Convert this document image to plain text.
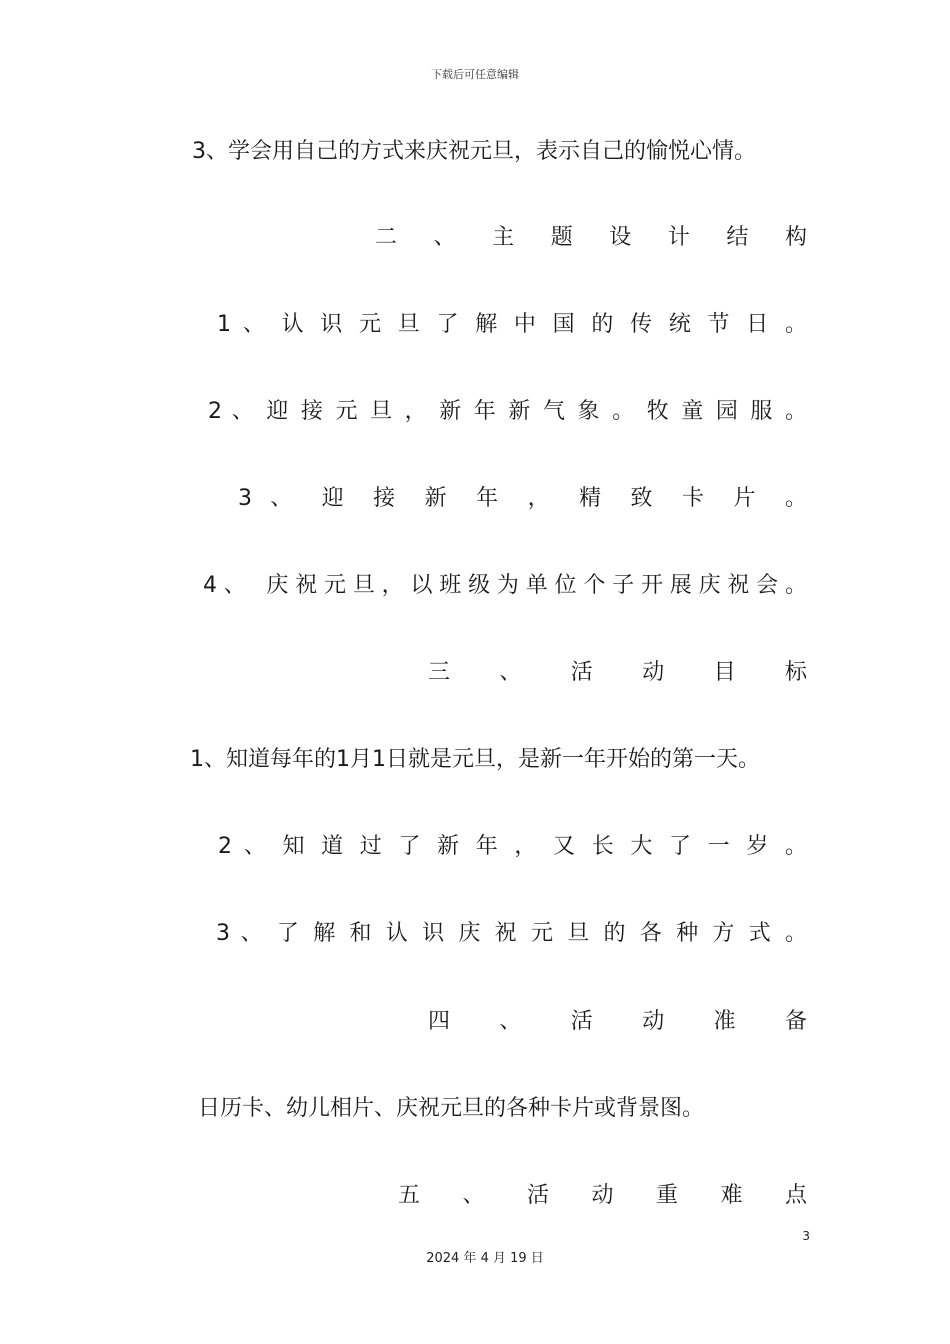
下载后可任意编辑
3、学会用自己的方式来庆祝元旦，表示自己的愉悦心情。
二 、 主 题 设 计 结 构
1 、 认 识 元 旦 了 解 中 国 的 传 统 节 日 。
2 、 迎 接 元 旦 ， 新 年 新 气 象 。 牧 童 园 服 。
3 、 迎 接 新 年 ， 精 致 卡 片 。
4、 庆祝元旦，以班级为单位个子开展庆祝会。
三 、 活 动 目 标
1、知道每年的1月1日就是元旦，是新一年开始的第一天。
2 、 知 道 过 了 新 年 ， 又 长 大 了 一 岁 。
3 、 了 解 和 认 识 庆 祝 元 旦 的 各 种 方 式 。
四 、 活 动 准 备
日历卡、幼儿相片、庆祝元旦的各种卡片或背景图。
五 、 活 动 重 难 点
3
2024 年 4 月 19 日
